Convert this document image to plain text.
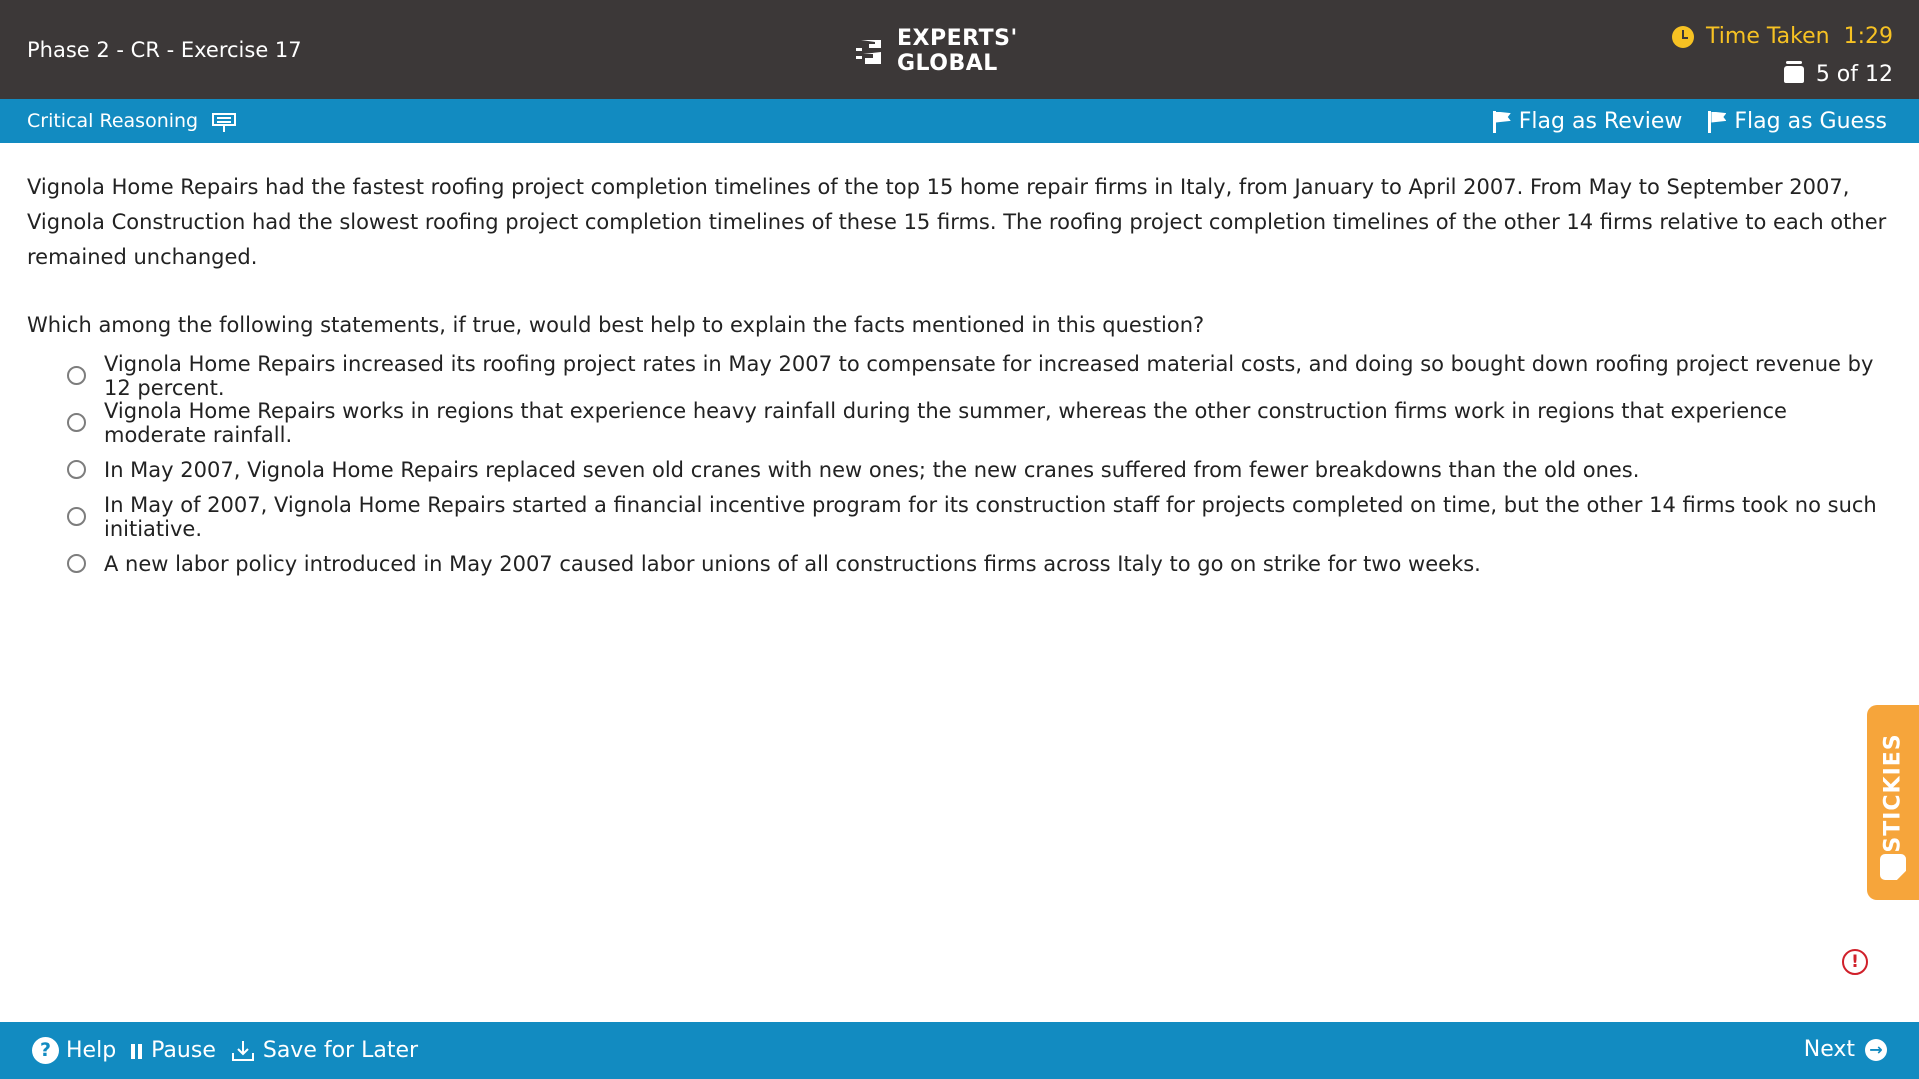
Phase 2 - CR - Exercise 17	EXPERTS'
GLOBAL
Time Taken 1:29
5 of 12
Critical Reasoning	Flag as Review Flag as Guess

Vignola Home Repairs had the fastest roofing project completion timelines of the top 15 home repair firms in Italy, from January to April 2007. From May to September 2007, Vignola Construction had the slowest roofing project completion timelines of these 15 firms. The roofing project completion timelines of the other 14 firms relative to each other remained unchanged.

Which among the following statements, if true, would best help to explain the facts mentioned in this question?

Vignola Home Repairs increased its roofing project rates in May 2007 to compensate for increased material costs, and doing so bought down roofing project revenue by 12 percent.
Vignola Home Repairs works in regions that experience heavy rainfall during the summer, whereas the other construction firms work in regions that experience moderate rainfall.
In May 2007, Vignola Home Repairs replaced seven old cranes with new ones; the new cranes suffered from fewer breakdowns than the old ones.
In May of 2007, Vignola Home Repairs started a financial incentive program for its construction staff for projects completed on time, but the other 14 firms took no such initiative.
A new labor policy introduced in May 2007 caused labor unions of all constructions firms across Italy to go on strike for two weeks.
STICKIES
!
? Help Pause Save for Later	Next →
